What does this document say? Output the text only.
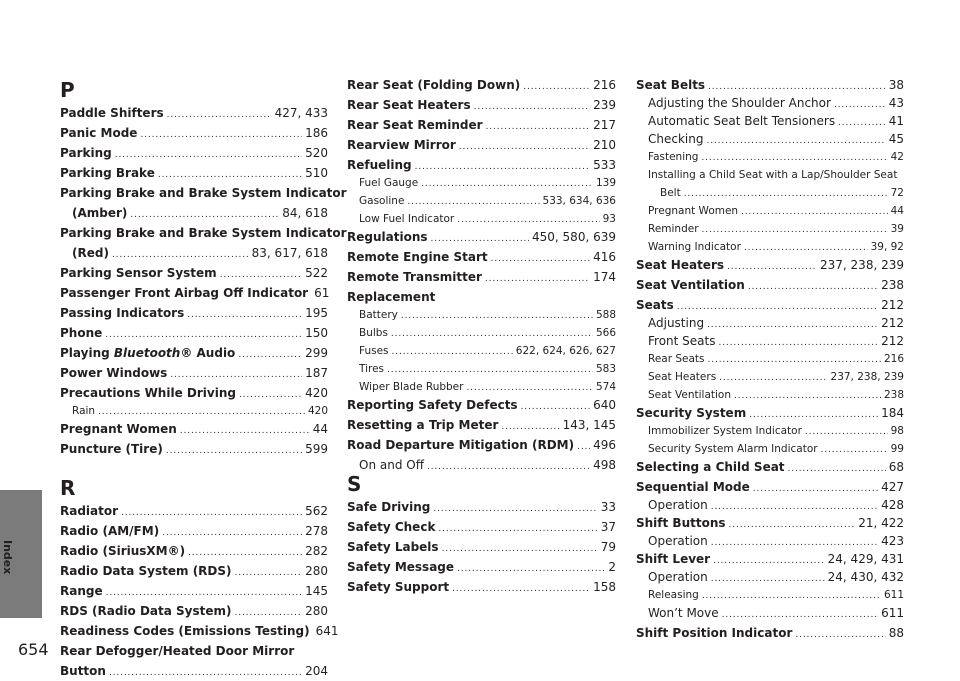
Index
654
P
Paddle Shifters . . .	427, 433
Panic Mode . . .	186
Parking . . .	520
Parking Brake . . .	510
Parking Brake and Brake System Indicator
(Amber) . . .	84, 618
Parking Brake and Brake System Indicator
(Red) . . .	83, 617, 618
Parking Sensor System . . .	522
Passenger Front Airbag Off Indicator 61
Passing Indicators . . .	195
Phone . . .	150
Playing Bluetooth® Audio . . .	299
Power Windows . . .	187
Precautions While Driving . . .	420
Rain . . .	420
Pregnant Women . . .	44
Puncture (Tire) . . .	599
R
Radiator . . .	562
Radio (AM/FM) . . .	278
Radio (SiriusXM®) . . .	282
Radio Data System (RDS) . . .	280
Range . . .	145
RDS (Radio Data System) . . .	280
Readiness Codes (Emissions Testing) 641
Rear Defogger/Heated Door Mirror
Button . . .	204
Rear Seat (Folding Down) . . .	216
Rear Seat Heaters . . .	239
Rear Seat Reminder . . .	217
Rearview Mirror . . .	210
Refueling . . .	533
Fuel Gauge . . .	139
Gasoline . . .	533, 634, 636
Low Fuel Indicator . . .	93
Regulations . . .	450, 580, 639
Remote Engine Start . . .	416
Remote Transmitter . . .	174
Replacement
Battery . . .	588
Bulbs . . .	566
Fuses . . .	622, 624, 626, 627
Tires . . .	583
Wiper Blade Rubber . . .	574
Reporting Safety Defects . . .	640
Resetting a Trip Meter . . .	143, 145
Road Departure Mitigation (RDM) . . . 496
On and Off . . .	498
S
Safe Driving . . .	33
Safety Check . . .	37
Safety Labels . . .	79
Safety Message . . .	2
Safety Support . . .	158
Seat Belts . . .	38
Adjusting the Shoulder Anchor . . .	43
Automatic Seat Belt Tensioners . . .	41
Checking . . .	45
Fastening . . .	42
Installing a Child Seat with a Lap/Shoulder Seat
Belt . . .	72
Pregnant Women . . .	44
Reminder . . .	39
Warning Indicator . . .	39, 92
Seat Heaters . . .	237, 238, 239
Seat Ventilation . . .	238
Seats . . .	212
Adjusting . . .	212
Front Seats . . .	212
Rear Seats . . .	216
Seat Heaters . . .	237, 238, 239
Seat Ventilation . . .	238
Security System . . .	184
Immobilizer System Indicator . . .	98
Security System Alarm Indicator . . .	99
Selecting a Child Seat . . .	68
Sequential Mode . . .	427
Operation . . .	428
Shift Buttons . . .	21, 422
Operation . . .	423
Shift Lever . . .	24, 429, 431
Operation . . .	24, 430, 432
Releasing . . .	611
Won’t Move . . .	611
Shift Position Indicator . . .	88
